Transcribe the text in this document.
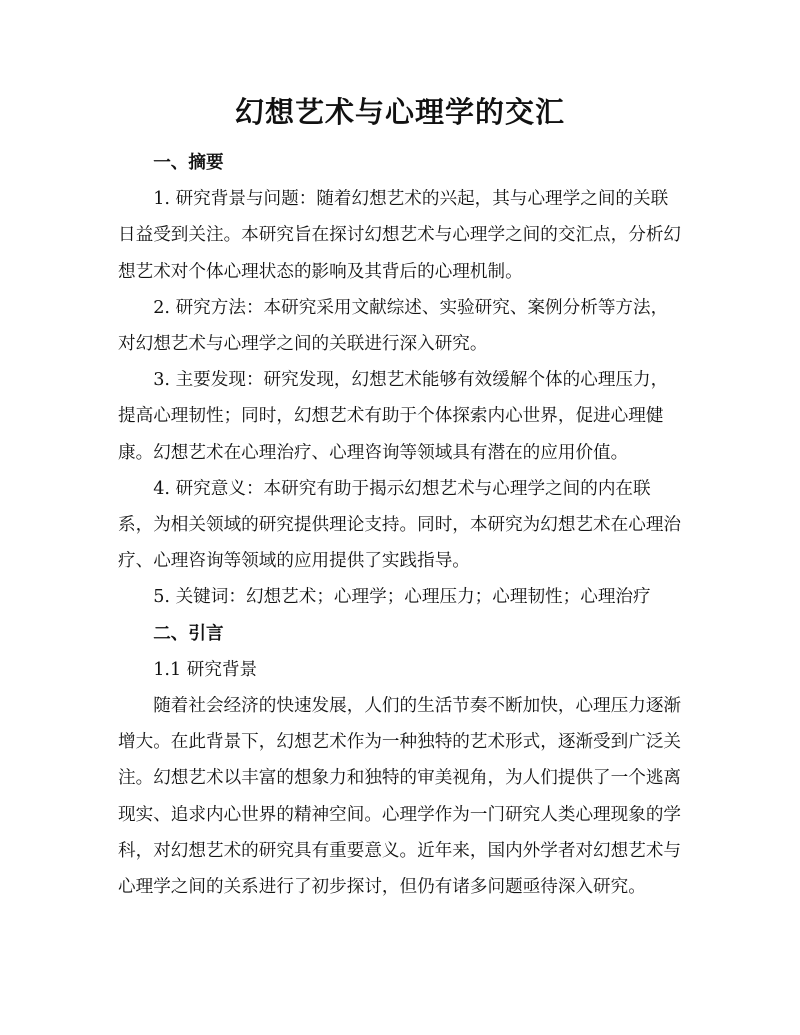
幻想艺术与心理学的交汇

一、摘要

1. 研究背景与问题：随着幻想艺术的兴起，其与心理学之间的关联日益受到关注。本研究旨在探讨幻想艺术与心理学之间的交汇点，分析幻想艺术对个体心理状态的影响及其背后的心理机制。

2. 研究方法：本研究采用文献综述、实验研究、案例分析等方法，对幻想艺术与心理学之间的关联进行深入研究。

3. 主要发现：研究发现，幻想艺术能够有效缓解个体的心理压力，提高心理韧性；同时，幻想艺术有助于个体探索内心世界，促进心理健康。幻想艺术在心理治疗、心理咨询等领域具有潜在的应用价值。

4. 研究意义：本研究有助于揭示幻想艺术与心理学之间的内在联系，为相关领域的研究提供理论支持。同时，本研究为幻想艺术在心理治疗、心理咨询等领域的应用提供了实践指导。

5. 关键词：幻想艺术；心理学；心理压力；心理韧性；心理治疗

二、引言

1.1 研究背景

随着社会经济的快速发展，人们的生活节奏不断加快，心理压力逐渐增大。在此背景下，幻想艺术作为一种独特的艺术形式，逐渐受到广泛关注。幻想艺术以丰富的想象力和独特的审美视角，为人们提供了一个逃离现实、追求内心世界的精神空间。心理学作为一门研究人类心理现象的学科，对幻想艺术的研究具有重要意义。近年来，国内外学者对幻想艺术与心理学之间的关系进行了初步探讨，但仍有诸多问题亟待深入研究。
